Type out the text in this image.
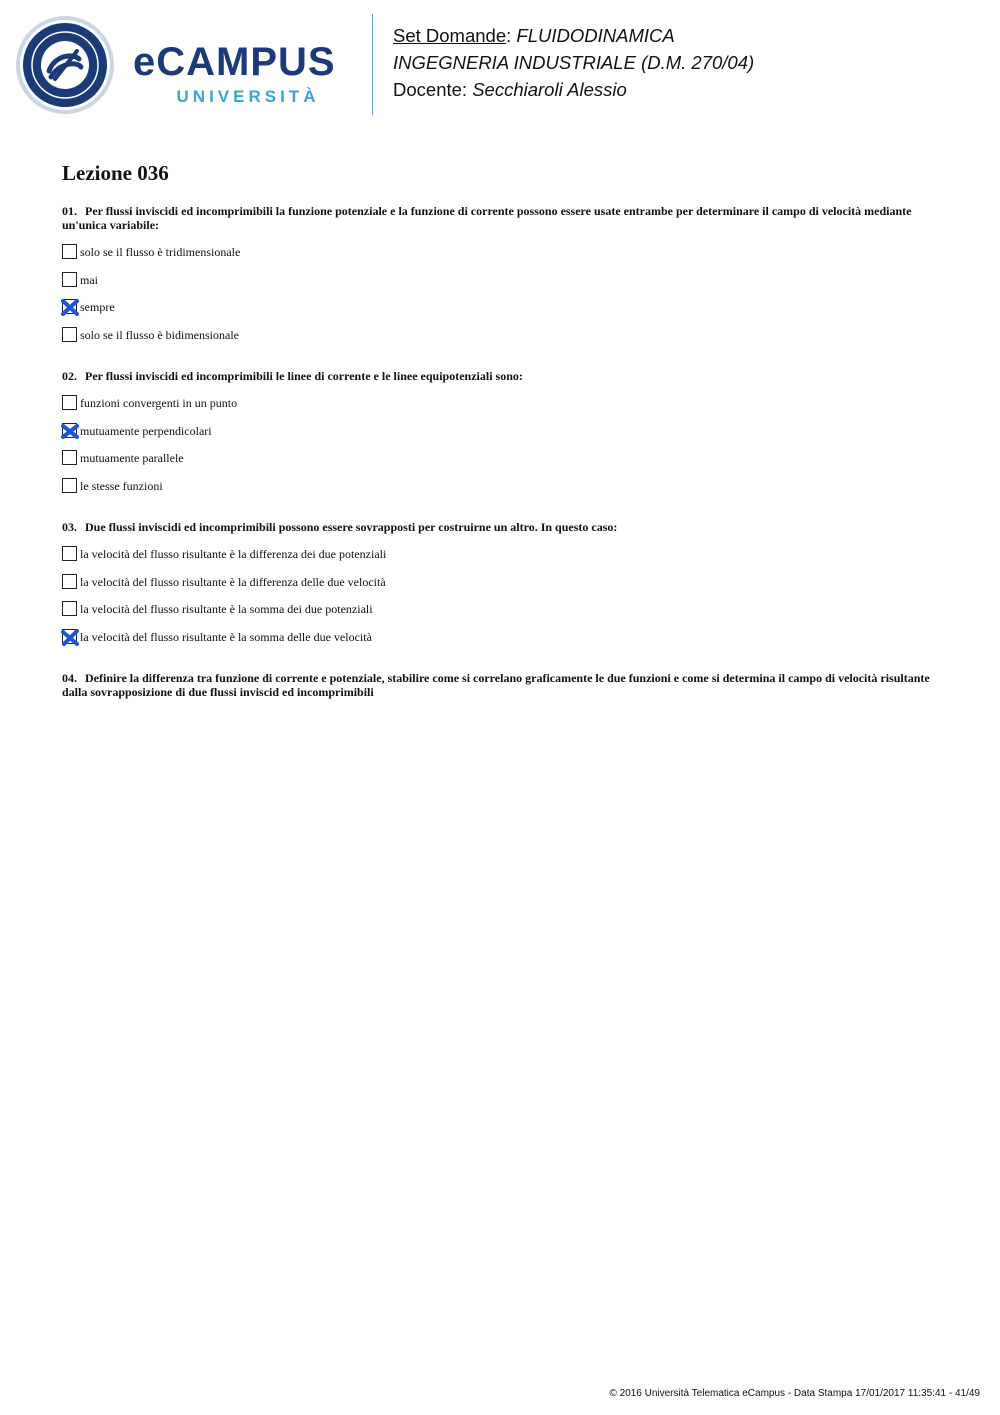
eCAMPUS
UNIVERSITÀ
Set Domande: FLUIDODINAMICA
INGEGNERIA INDUSTRIALE (D.M. 270/04)
Docente: Secchiaroli Alessio
Lezione 036
01. Per flussi inviscidi ed incomprimibili la funzione potenziale e la funzione di corrente possono essere usate entrambe per determinare il campo di velocità mediante un'unica variabile:
solo se il flusso è tridimensionale
mai
sempre
solo se il flusso è bidimensionale
02. Per flussi inviscidi ed incomprimibili le linee di corrente e le linee equipotenziali sono:
funzioni convergenti in un punto
mutuamente perpendicolari
mutuamente parallele
le stesse funzioni
03. Due flussi inviscidi ed incomprimibili possono essere sovrapposti per costruirne un altro. In questo caso:
la velocità del flusso risultante è la differenza dei due potenziali
la velocità del flusso risultante è la differenza delle due velocità
la velocità del flusso risultante è la somma dei due potenziali
la velocità del flusso risultante è la somma delle due velocità
04. Definire la differenza tra funzione di corrente e potenziale, stabilire come si correlano graficamente le due funzioni e come si determina il campo di velocità risultante dalla sovrapposizione di due flussi inviscid ed incomprimibili
© 2016 Università Telematica eCampus - Data Stampa 17/01/2017 11:35:41 - 41/49
